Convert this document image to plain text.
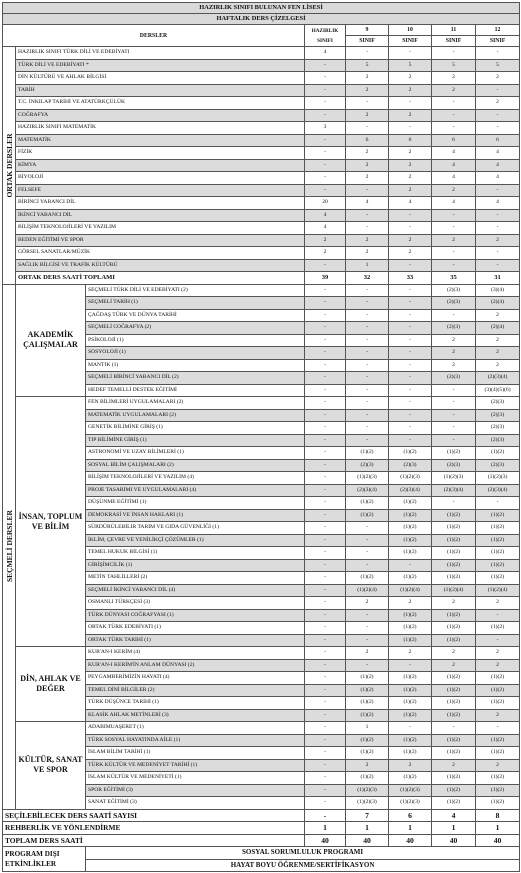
HAZIRLIK SINIFI BULUNAN FEN LİSESİ							
HAFTALIK DERS ÇİZELGESİ							
DERSLER			HAZIRLIK SINIFI	9	10	11	12
				SINIF	SINIF	SINIF	SINIF
ORTAK DERSLER	HAZIRLIK SINIFI TÜRK DİLİ VE EDEBİYATI		4	-	-	-	-
	TÜRK DİLİ VE EDEBİYATI *		-	5	5	5	5
	DİN KÜLTÜRÜ VE AHLAK BİLGİSİ		-	2	2	2	2
	TARİH		-	2	2	2	-
	T.C. İNKILAP TARİHİ VE ATATÜRKÇÜLÜK		-	-	-	-	2
	COĞRAFYA		-	2	2	-	-
	HAZIRLIK SINIFI MATEMATİK		3	-	-	-	-
	MATEMATİK		-	6	6	6	6
	FİZİK		-	2	2	4	4
	KİMYA		-	2	2	4	4
	BİYOLOJİ		-	2	2	4	4
	FELSEFE		-	-	2	2	-
	BİRİNCİ YABANCI DİL		20	4	4	4	4
	İKİNCİ YABANCI DİL		4	-	-	-	-
	BİLİŞİM TEKNOLOJİLERİ VE YAZILIM		4	-	-	-	-
	BEDEN EĞİTİMİ VE SPOR		2	2	2	2	2
	GÖRSEL SANATLAR/MÜZİK		2	2	2	-	-
	SAĞLIK BİLGİSİ VE TRAFİK KÜLTÜRÜ		-	1	-	-	-
	ORTAK DERS SAATİ TOPLAMI		39	32	33	35	31
SEÇMELİ DERSLER	AKADEMİK ÇALIŞMALAR	SEÇMELİ TÜRK DİLİ VE EDEBİYATI (2)	-	-	-	(2)(3)	(3)(4)
		SEÇMELİ TARİH (1)	-	-	-	(2)(3)	(2)(4)
		ÇAĞDAŞ TÜRK VE DÜNYA TARİHİ	-	-	-	-	2
		SEÇMELİ COĞRAFYA (2)	-	-	-	(2)(3)	(2)(4)
		PSİKOLOJİ (1)	-	-	-	2	2
		SOSYOLOJİ (1)	-	-	-	2	2
		MANTIK (1)	-	-	-	2	2
		SEÇMELİ BİRİNCİ YABANCI DİL (2)	-	-	-	(2)(3)	(2)(3)(4)
		HEDEF TEMELLİ DESTEK EĞİTİMİ	-	-	-	-	(3)(4)(5)(6)
	İNSAN, TOPLUM VE BİLİM	FEN BİLİMLERİ UYGULAMALARI (2)	-	-	-	-	(2)(3)
		MATEMATİK UYGULAMALARI (2)	-	-	-	-	(2)(3)
		GENETİK BİLİMİNE GİRİŞ (1)	-	-	-	-	(2)(3)
		TIP BİLİMİNE GİRİŞ (1)	-	-	-	-	(2)(3)
		ASTRONOMİ VE UZAY BİLİMLERİ (1)	-	(1)(2)	(1)(2)	(1)(2)	(1)(2)
		SOSYAL BİLİM ÇALIŞMALARI (2)	-	(2)(3)	(2)(3)	(2)(3)	(2)(3)
		BİLİŞİM TEKNOLOJİLERİ VE YAZILIM (4)	-	(1)(2)(3)	(1)(2)(3)	(1)(2)(3)	(1)(2)(3)
		PROJE TASARIMI VE UYGULAMALARI (4)	-	(2)(3)(4)	(2)(3)(4)	(2)(3)(4)	(2)(3)(4)
		DÜŞÜNME EĞİTİMİ (1)	-	(1)(2)	(1)(2)	-	-
		DEMOKRASİ VE İNSAN HAKLARI (1)	-	(1)(2)	(1)(2)	(1)(2)	(1)(2)
		SÜRDÜRÜLEBİLİR TARIM VE GIDA GÜVENLİĞİ (1)	-	-	(1)(2)	(1)(2)	(1)(2)
		İKLİM, ÇEVRE VE YENİLİKÇİ ÇÖZÜMLER (1)	-	-	(1)(2)	(1)(2)	(1)(2)
		TEMEL HUKUK BİLGİSİ (1)	-	-	(1)(2)	(1)(2)	(1)(2)
		GİRİŞİMCİLİK (1)	-	-	-	(1)(2)	(1)(2)
		METİN TAHLİLLERİ (2)	-	(1)(2)	(1)(2)	(1)(2)	(1)(2)
		SEÇMELİ İKİNCİ YABANCI DİL (4)	-	(1)(2)(4)	(1)(2)(4)	(1)(2)(4)	(1)(2)(4)
		OSMANLI TÜRKÇESİ (3)	-	2	2	2	2
		TÜRK DÜNYASI COĞRAFYASI (1)	-	-	(1)(2)	(1)(2)	-
		ORTAK TÜRK EDEBİYATI (1)	-	-	(1)(2)	(1)(2)	(1)(2)
		ORTAK TÜRK TARİHİ (1)	-	-	(1)(2)	(1)(2)	-
	DİN, AHLAK VE DEĞER	KUR'AN-I KERİM (4)	-	2	2	2	2
		KUR'AN-I KERİM'İN ANLAM DÜNYASI (2)	-	-	-	2	2
		PEYGAMBERİMİZİN HAYATI (4)	-	(1)(2)	(1)(2)	(1)(2)	(1)(2)
		TEMEL DİNİ BİLGİLER (2)	-	(1)(2)	(1)(2)	(1)(2)	(1)(2)
		TÜRK DÜŞÜNCE TARİHİ (1)	-	(1)(2)	(1)(2)	(1)(2)	(1)(2)
		KLASİK AHLAK METİNLERİ (3)	-	(1)(2)	(1)(2)	(1)(2)	2
	KÜLTÜR, SANAT VE SPOR	ADABIMUAŞERET (1)	-	1	-	-	-
		TÜRK SOSYAL HAYATINDA AİLE (1)	-	(1)(2)	(1)(2)	(1)(2)	(1)(2)
		İSLAM BİLİM TARİHİ (1)	-	(1)(2)	(1)(2)	(1)(2)	(1)(2)
		TÜRK KÜLTÜR VE MEDENİYET TARİHİ (1)	-	2	2	2	2
		İSLAM KÜLTÜR VE MEDENİYETİ (1)	-	(1)(2)	(1)(2)	(1)(2)	(1)(2)
		SPOR EĞİTİMİ (3)	-	(1)(2)(3)	(1)(2)(3)	(1)(2)	(1)(2)
		SANAT EĞİTİMİ (3)	-	(1)(2)(3)	(1)(2)(3)	(1)(2)	(1)(2)
SEÇİLEBİLECEK DERS SAATİ SAYISI			-	7	6	4	8
REHBERLİK VE YÖNLENDİRME			1	1	1	1	1
TOPLAM DERS SAATİ			40	40	40	40	40
PROGRAM DIŞI ETKİNLİKLER		SOSYAL SORUMLULUK PROGRAMI					
		HAYAT BOYU ÖĞRENME/SERTİFİKASYON					
